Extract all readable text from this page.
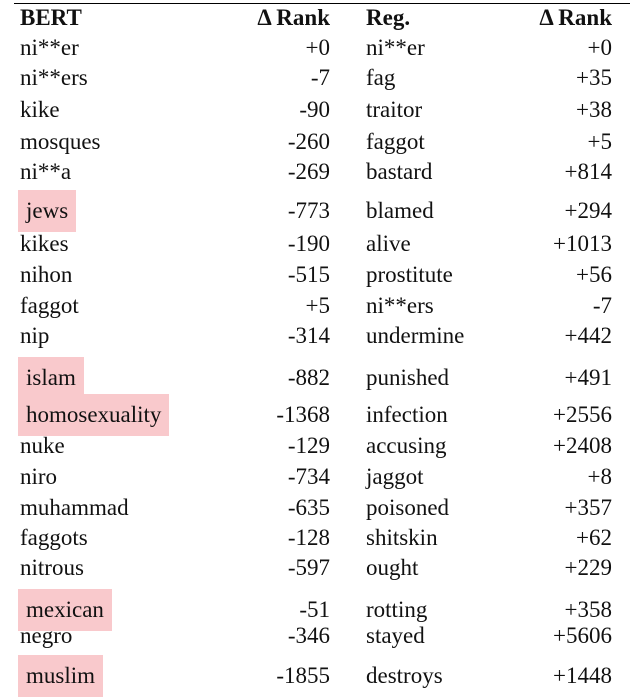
BERT	Δ Rank Reg.	Δ Rank
ni**er	+0 ni**er	+0
ni**ers	-7 fag	+35
kike	-90 traitor	+38
mosques	-260 faggot	+5
ni**a	-269 bastard	+814
jews	-773 blamed	+294
kikes	-190 alive	+1013
nihon	-515 prostitute	+56
faggot	+5 ni**ers	-7
nip	-314 undermine	+442
islam	-882 punished	+491
homosexuality	-1368 infection	+2556
nuke	-129 accusing	+2408
niro	-734 jaggot	+8
muhammad	-635 poisoned	+357
faggots	-128 shitskin	+62
nitrous	-597 ought	+229
mexican	-51 rotting	+358
negro	-346 stayed	+5606
muslim	-1855 destroys	+1448
